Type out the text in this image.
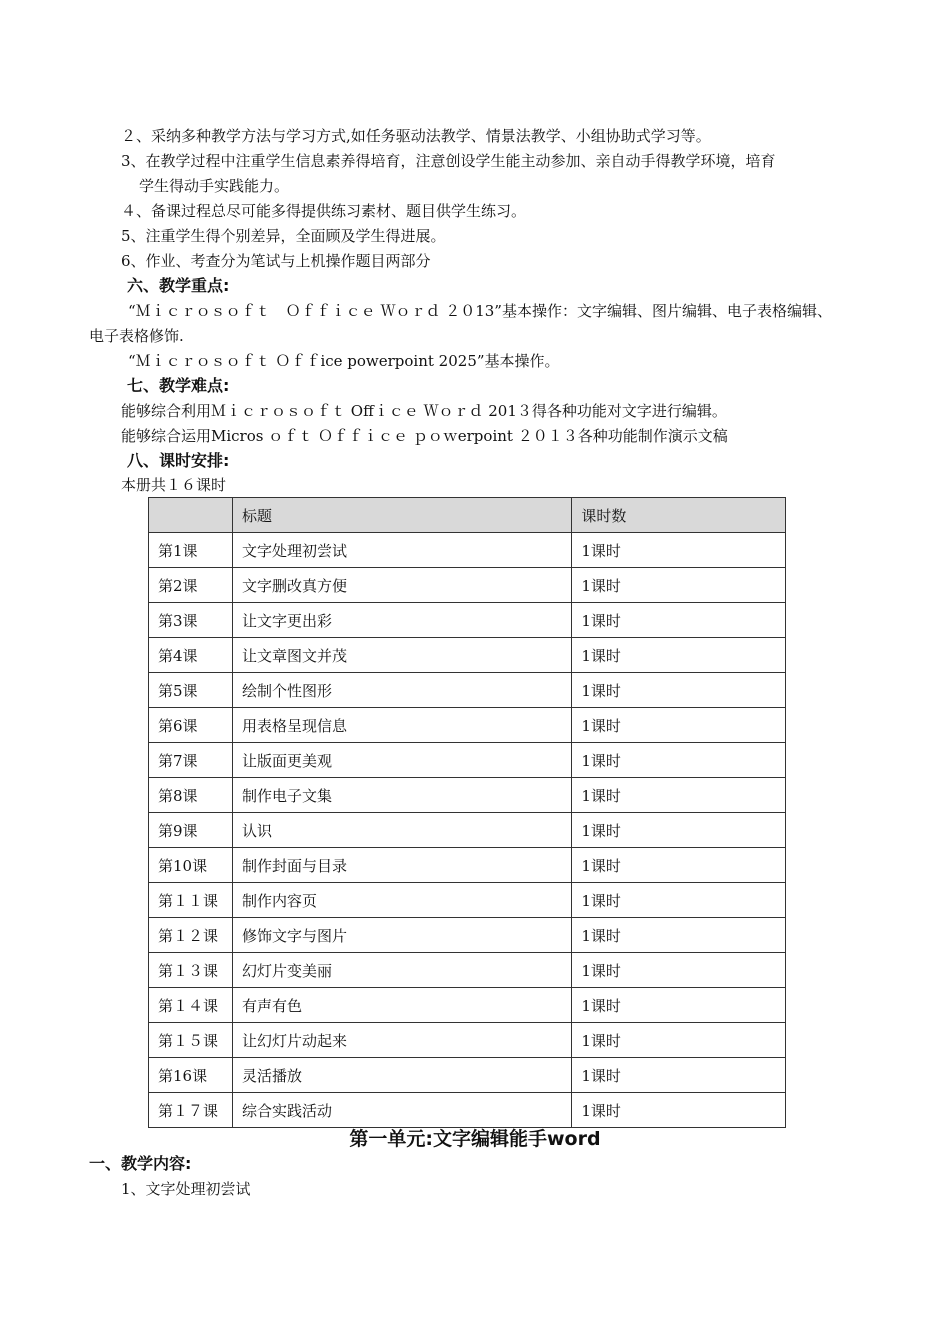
２、采纳多种教学方法与学习方式,如任务驱动法教学、情景法教学、小组协助式学习等。
3、在教学过程中注重学生信息素养得培育，注意创设学生能主动参加、亲自动手得教学环境，培育
学生得动手实践能力。
４、备课过程总尽可能多得提供练习素材、题目供学生练习。
5、注重学生得个别差异，全面顾及学生得进展。
6、作业、考查分为笔试与上机操作题目两部分
六、教学重点:
“Ｍｉｃｒｏｓｏｆｔ　Ｏｆｆｉｃｅ Ｗｏｒｄ ２０13”基本操作：文字编辑、图片编辑、电子表格编辑、
电子表格修饰.
“Ｍｉｃｒｏｓｏｆｔ Ｏｆｆice powerpoint 2025”基本操作。
七、教学难点:
能够综合利用Ｍｉｃｒｏｓｏｆｔ Offｉｃｅ Ｗｏｒｄ 201３得各种功能对文字进行编辑。
能够综合运用Micros ｏｆｔ Ｏｆｆｉｃｅ ｐｏｗerpoint ２０１３各种功能制作演示文稿
八、课时安排:
本册共１６课时
	标题	课时数
第1课	文字处理初尝试	1课时
第2课	文字删改真方便	1课时
第3课	让文字更出彩	1课时
第4课	让文章图文并茂	1课时
第5课	绘制个性图形	1课时
第6课	用表格呈现信息	1课时
第7课	让版面更美观	1课时
第8课	制作电子文集	1课时
第9课	认识	1课时
第10课	制作封面与目录	1课时
第１１课	制作内容页	1课时
第１２课	修饰文字与图片	1课时
第１３课	幻灯片变美丽	1课时
第１４课	有声有色	1课时
第１５课	让幻灯片动起来	1课时
第16课	灵活播放	1课时
第１７课	综合实践活动	1课时
第一单元:文字编辑能手word
一、教学内容:
1、文字处理初尝试
